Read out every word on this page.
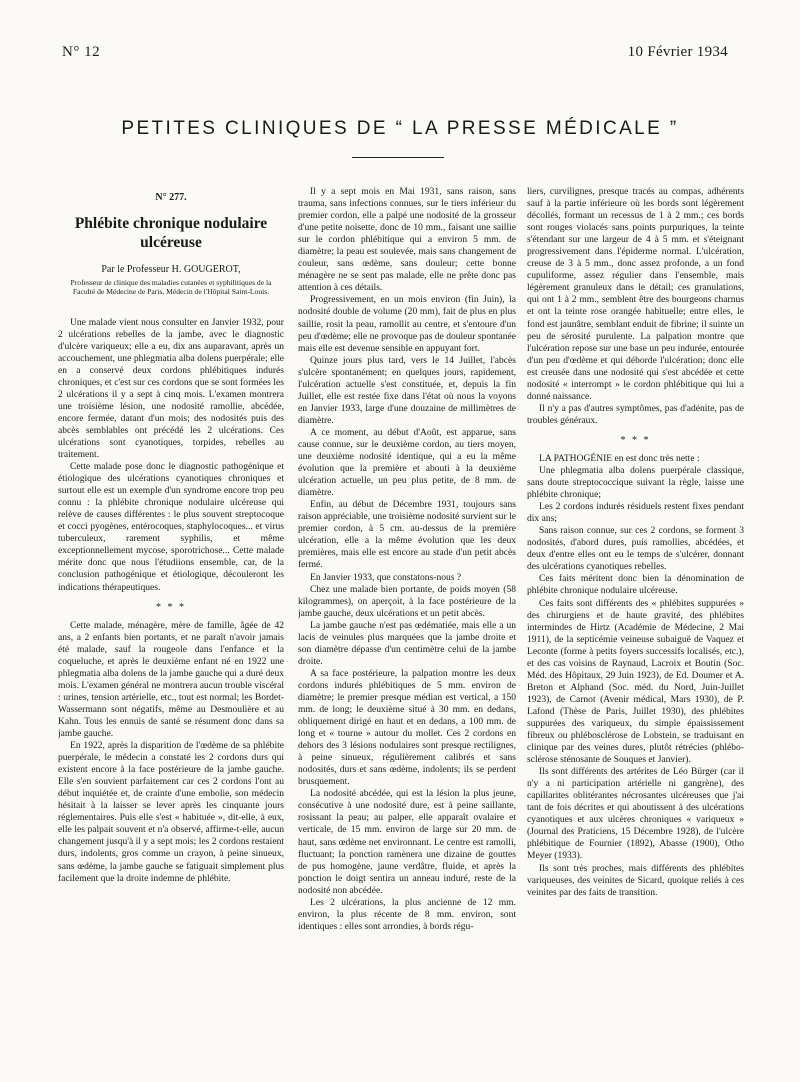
N° 12	10 Février 1934
PETITES CLINIQUES DE “ LA PRESSE MÉDICALE ”
N° 277.
Phlébite chronique nodulaire ulcéreuse
Par le Professeur H. GOUGEROT,
Professeur de clinique des maladies cutanées et syphilitiques de la Faculté de Médecine de Paris, Médecin de l'Hôpital Saint-Louis.

Une malade vient nous consulter en Janvier 1932, pour 2 ulcérations rebelles de la jambe, avec le diagnostic d'ulcère variqueux; elle a eu, dix ans auparavant, après un accouchement, une phlegmatia alba dolens puerpérale; elle en a conservé deux cordons phlébitiques indurés chroniques, et c'est sur ces cordons que se sont formées les 2 ulcérations il y a sept à cinq mois. L'examen montrera une troisième lésion, une nodosité ramollie, abcédée, encore fermée, datant d'un mois; des nodosités puis des abcès semblables ont précédé les 2 ulcérations. Ces ulcérations sont cyanotiques, torpides, rebelles au traitement.

Cette malade pose donc le diagnostic pathogénique et étiologique des ulcérations cyanotiques chroniques et surtout elle est un exemple d'un syndrome encore trop peu connu : la phlébite chronique nodulaire ulcéreuse qui relève de causes différentes : le plus souvent streptocoque et cocci pyogènes, entérocoques, staphylocoques... et virus tuberculeux, rarement syphilis, et même exceptionnellement mycose, sporotrichose... Cette malade mérite donc que nous l'étudiions ensemble, car, de la conclusion pathogénique et étiologique, découleront les indications thérapeutiques.

* * *

Cette malade, ménagère, mère de famille, âgée de 42 ans, a 2 enfants bien portants, et ne paraît n'avoir jamais été malade, sauf la rougeole dans l'enfance et la coqueluche, et après le deuxième enfant né en 1922 une phlegmatia alba dolens de la jambe gauche qui a duré deux mois. L'examen général ne montrera aucun trouble viscéral : urines, tension artérielle, etc., tout est normal; les Bordet-Wassermann sont négatifs, même au Desmoulière et au Kahn. Tous les ennuis de santé se résument donc dans sa jambe gauche.

En 1922, après la disparition de l'œdème de sa phlébite puerpérale, le médecin a constaté les 2 cordons durs qui existent encore à la face postérieure de la jambe gauche. Elle s'en souvient parfaitement car ces 2 cordons l'ont au début inquiétée et, de crainte d'une embolie, son médecin hésitait à la laisser se lever après les cinquante jours réglementaires. Puis elle s'est « habituée », dit-elle, à eux, elle les palpait souvent et n'a observé, affirme-t-elle, aucun changement jusqu'à il y a sept mois; les 2 cordons restaient durs, indolents, gros comme un crayon, à peine sinueux, sans œdème, la jambe gauche se fatiguait simplement plus facilement que la droite indemne de phlébite.

Il y a sept mois en Mai 1931, sans raison, sans trauma, sans infections connues, sur le tiers inférieur du premier cordon, elle a palpé une nodosité de la grosseur d'une petite noisette, donc de 10 mm., faisant une saillie sur le cordon phlébitique qui a environ 5 mm. de diamètre; la peau est soulevée, mais sans changement de couleur, sans œdème, sans douleur; cette bonne ménagère ne se sent pas malade, elle ne prête donc pas attention à ces détails.

Progressivement, en un mois environ (fin Juin), la nodosité double de volume (20 mm), fait de plus en plus saillie, rosit la peau, ramollit au centre, et s'entoure d'un peu d'œdème; elle ne provoque pas de douleur spontanée mais elle est devenue sensible en appuyant fort.

Quinze jours plus tard, vers le 14 Juillet, l'abcès s'ulcère spontanément; en quelques jours, rapidement, l'ulcération actuelle s'est constituée, et, depuis la fin Juillet, elle est restée fixe dans l'état où nous la voyons en Janvier 1933, large d'une douzaine de millimètres de diamètre.

A ce moment, au début d'Août, est apparue, sans cause connue, sur le deuxième cordon, au tiers moyen, une deuxième nodosité identique, qui a eu la même évolution que la première et abouti à la deuxième ulcération actuelle, un peu plus petite, de 8 mm. de diamètre.

Enfin, au début de Décembre 1931, toujours sans raison appréciable, une troisième nodosité survient sur le premier cordon, à 5 cm. au-dessus de la première ulcération, elle a la même évolution que les deux premières, mais elle est encore au stade d'un petit abcès fermé.

En Janvier 1933, que constatons-nous ?

Chez une malade bien portante, de poids moyen (58 kilogrammes), on aperçoit, à la face postérieure de la jambe gauche, deux ulcérations et un petit abcès.

La jambe gauche n'est pas œdématiée, mais elle a un lacis de veinules plus marquées que la jambe droite et son diamètre dépasse d'un centimètre celui de la jambe droite.

A sa face postérieure, la palpation montre les deux cordons indurés phlébitiques de 5 mm. environ de diamètre; le premier presque médian est vertical, a 150 mm. de long; le deuxième situé à 30 mm. en dedans, obliquement dirigé en haut et en dedans, a 100 mm. de long et « tourne » autour du mollet. Ces 2 cordons en dehors des 3 lésions nodulaires sont presque rectilignes, à peine sinueux, régulièrement calibrés et sans nodosités, durs et sans œdème, indolents; ils se perdent brusquement.

La nodosité abcédée, qui est la lésion la plus jeune, consécutive à une nodosité dure, est à peine saillante, rosissant la peau; au palper, elle apparaît ovalaire et verticale, de 15 mm. environ de large sur 20 mm. de haut, sans œdème net environnant. Le centre est ramolli, fluctuant; la ponction ramènera une dizaine de gouttes de pus homogène, jaune verdâtre, fluide, et après la ponction le doigt sentira un anneau induré, reste de la nodosité non abcédée.

Les 2 ulcérations, la plus ancienne de 12 mm. environ, la plus récente de 8 mm. environ, sont identiques : elles sont arrondies, à bords régu-

liers, curvilignes, presque tracés au compas, adhérents sauf à la partie inférieure où les bords sont légèrement décollés, formant un recessus de 1 à 2 mm.; ces bords sont rouges violacés sans points purpuriques, la teinte s'étendant sur une largeur de 4 à 5 mm. et s'éteignant progressivement dans l'épiderme normal. L'ulcération, creuse de 3 à 5 mm., donc assez profonde, a un fond cupuliforme, assez régulier dans l'ensemble, mais légèrement granuleux dans le détail; ces granulations, qui ont 1 à 2 mm., semblent être des bourgeons charnus et ont la teinte rose orangée habituelle; entre elles, le fond est jaunâtre, semblant enduit de fibrine; il suinte un peu de sérosité purulente. La palpation montre que l'ulcération repose sur une base un peu indurée, entourée d'un peu d'œdème et qui déborde l'ulcération; donc elle est creusée dans une nodosité qui s'est abcédée et cette nodosité « interrompt » le cordon phlébitique qui lui a donné naissance.

Il n'y a pas d'autres symptômes, pas d'adénite, pas de troubles généraux.

* * *

LA PATHOGÉNIE en est donc très nette :

Une phlegmatia alba dolens puerpérale classique, sans doute streptococcique suivant la règle, laisse une phlébite chronique;

Les 2 cordons indurés résiduels restent fixes pendant dix ans;

Sans raison connue, sur ces 2 cordons, se forment 3 nodosités, d'abord dures, puis ramollies, abcédées, et deux d'entre elles ont eu le temps de s'ulcérer, donnant des ulcérations cyanotiques rebelles.

Ces faits méritent donc bien la dénomination de phlébite chronique nodulaire ulcéreuse.

Ces faits sont différents des « phlébites suppurées » des chirurgiens et de haute gravité, des phlébites intermindes de Hirtz (Académie de Médecine, 2 Mai 1911), de la septicémie veineuse subaiguë de Vaquez et Leconte (forme à petits foyers successifs localisés, etc.), et des cas voisins de Raynaud, Lacroix et Boutin (Soc. Méd. des Hôpitaux, 29 Juin 1923), de Ed. Doumer et A. Breton et Alphand (Soc. méd. du Nord, Juin-Juillet 1923), de Carnot (Avenir médical, Mars 1930), de P. Lafond (Thèse de Paris, Juillet 1930), des phlébites suppurées des variqueux, du simple épaississement fibreux ou phlébosclérose de Lobstein, se traduisant en clinique par des veines dures, plutôt rétrécies (phlébo-sclérose sténosante de Souques et Janvier).

Ils sont différents des artérites de Léo Bürger (car il n'y a ni participation artérielle ni gangrène), des capillarites oblitérantes nécrosantes ulcéreuses que j'ai tant de fois décrites et qui aboutissent à des ulcérations cyanotiques et aux ulcères chroniques « variqueux » (Journal des Praticiens, 15 Décembre 1928), de l'ulcère phlébitique de Fournier (1892), Abasse (1900), Otho Meyer (1933).

Ils sont très proches, mais différents des phlébites variqueuses, des veinites de Sicard, quoique reliés à ces veinites par des faits de transition.
